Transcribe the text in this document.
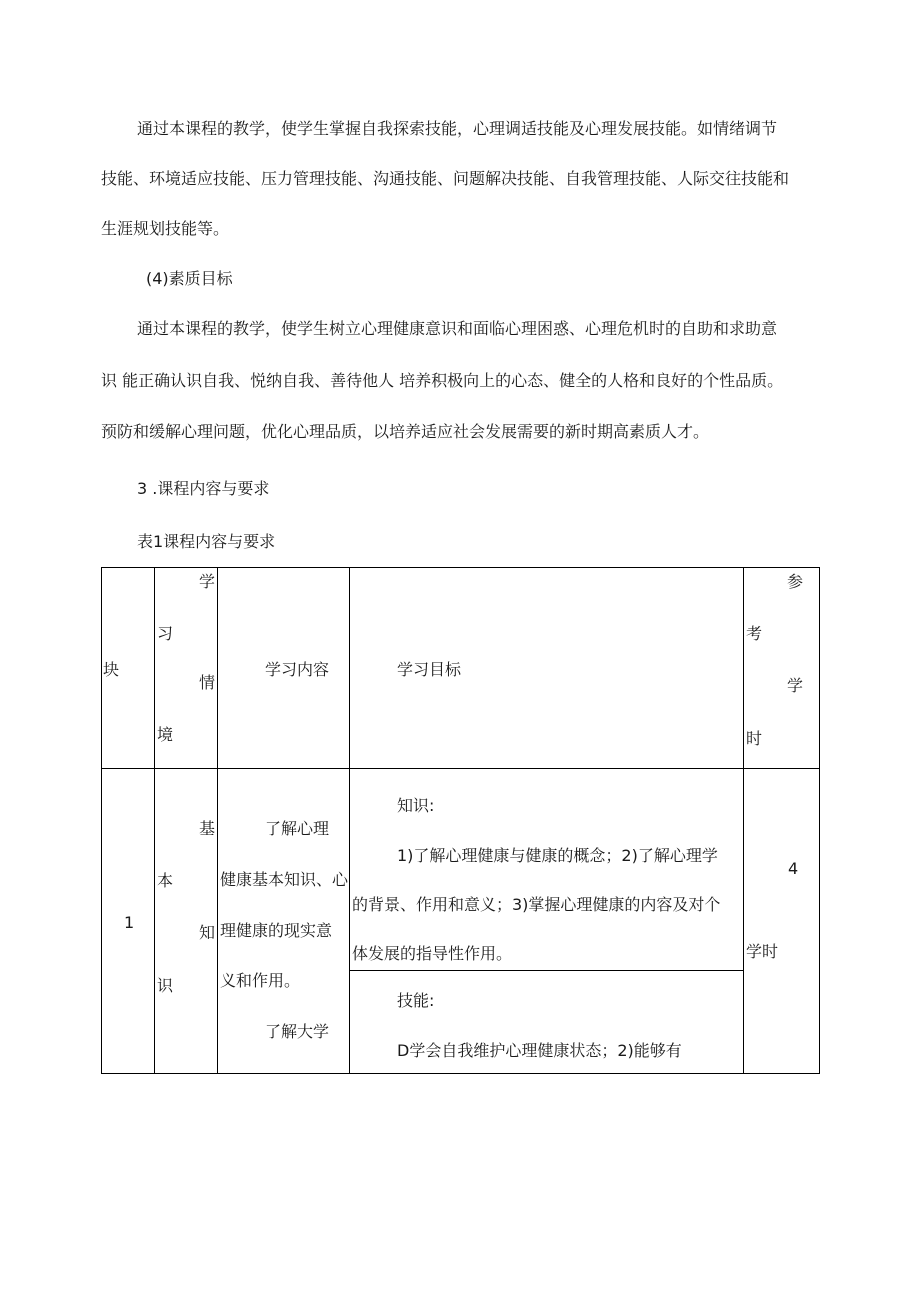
通过本课程的教学，使学生掌握自我探索技能，心理调适技能及心理发展技能。如情绪调节
技能、环境适应技能、压力管理技能、沟通技能、问题解决技能、自我管理技能、人际交往技能和
生涯规划技能等。
(4)素质目标
通过本课程的教学，使学生树立心理健康意识和面临心理困惑、心理危机时的自助和求助意
识 能正确认识自我、悦纳自我、善待他人 培养积极向上的心态、健全的人格和良好的个性品质。
预防和缓解心理问题，优化心理品质，以培养适应社会发展需要的新时期高素质人才。
3 .课程内容与要求
表1课程内容与要求
块
学
习
情
境
学习内容	学习目标
参
考
学
时
1
基
本
知
识
了解心理
健康基本知识、心
理健康的现实意
义和作用。
了解大学
知识:
1)了解心理健康与健康的概念；2)了解心理学
的背景、作用和意义；3)掌握心理健康的内容及对个
体发展的指导性作用。
技能:
D学会自我维护心理健康状态；2)能够有
4
学时
